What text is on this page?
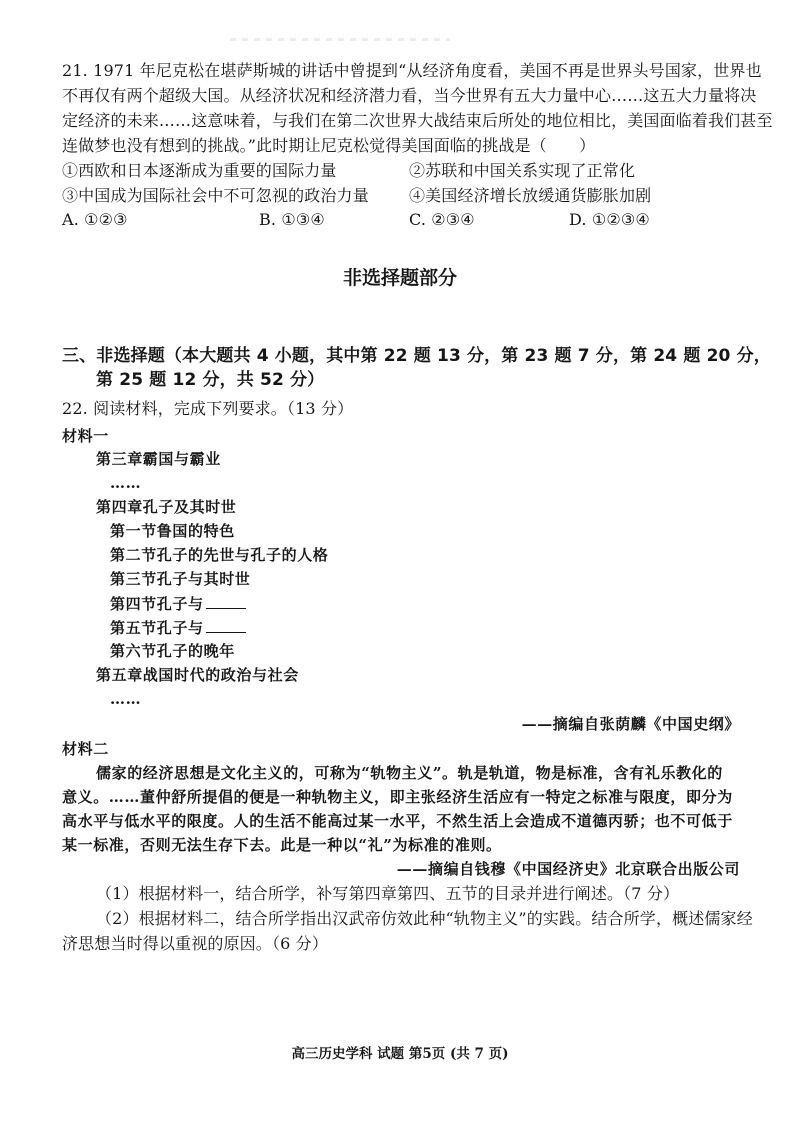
21. 1971 年尼克松在堪萨斯城的讲话中曾提到“从经济角度看，美国不再是世界头号国家，世界也
不再仅有两个超级大国。从经济状况和经济潜力看，当今世界有五大力量中心……这五大力量将决
定经济的未来……这意味着，与我们在第二次世界大战结束后所处的地位相比，美国面临着我们甚至
连做梦也没有想到的挑战。”此时期让尼克松觉得美国面临的挑战是（　　）
①西欧和日本逐渐成为重要的国际力量	②苏联和中国关系实现了正常化
③中国成为国际社会中不可忽视的政治力量	④美国经济增长放缓通货膨胀加剧
A. ①②③	B. ①③④	C. ②③④	D. ①②③④
非选择题部分
三、非选择题（本大题共 4 小题，其中第 22 题 13 分，第 23 题 7 分，第 24 题 20 分，
第 25 题 12 分，共 52 分）
22. 阅读材料，完成下列要求。（13 分）
材料一
第三章霸国与霸业
……
第四章孔子及其时世
第一节鲁国的特色
第二节孔子的先世与孔子的人格
第三节孔子与其时世
第四节孔子与
第五节孔子与
第六节孔子的晚年
第五章战国时代的政治与社会
……
——摘编自张荫麟《中国史纲》
材料二
儒家的经济思想是文化主义的，可称为“轨物主义”。轨是轨道，物是标准，含有礼乐教化的
意义。……董仲舒所提倡的便是一种轨物主义，即主张经济生活应有一特定之标准与限度，即分为
高水平与低水平的限度。人的生活不能高过某一水平，不然生活上会造成不道德丙骄；也不可低于
某一标准，否则无法生存下去。此是一种以“礼”为标准的准则。
——摘编自钱穆《中国经济史》北京联合出版公司
（1）根据材料一，结合所学，补写第四章第四、五节的目录并进行阐述。（7 分）
（2）根据材料二，结合所学指出汉武帝仿效此种“轨物主义”的实践。结合所学，概述儒家经
济思想当时得以重视的原因。（6 分）
高三历史学科 试题 第5页 (共 7 页)
